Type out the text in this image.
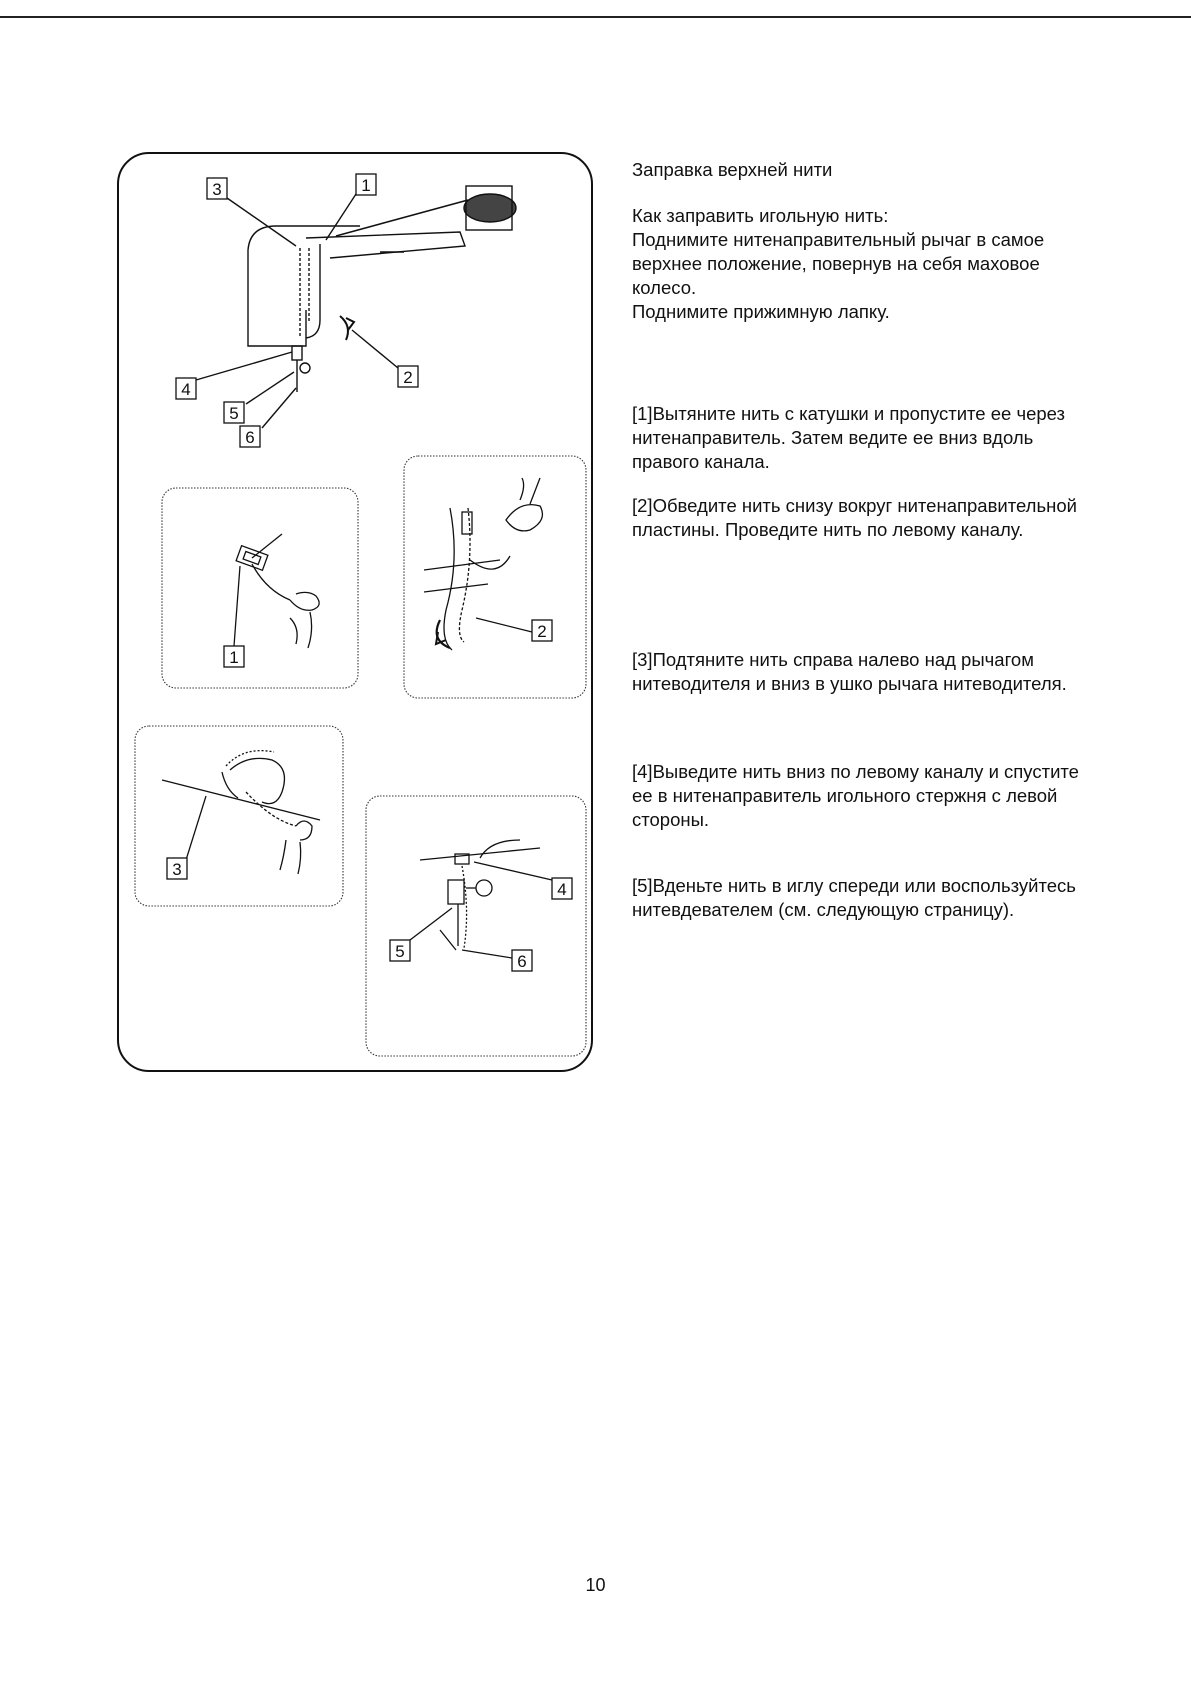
3	1
2
4
5
6
1
2
3
4
5
6

Заправка верхней нити

Как заправить игольную нить:

Поднимите нитенаправительный рычаг в самое верхнее положение, повернув на себя маховое колесо.

Поднимите прижимную лапку.

[1]Вытяните нить с катушки и пропустите ее через нитенаправитель. Затем ведите ее вниз вдоль правого канала.

[2]Обведите нить снизу вокруг нитенаправительной пластины. Проведите нить по левому каналу.

[3]Подтяните нить справа налево над рычагом нитеводителя и вниз в ушко рычага нитеводителя.

[4]Выведите нить вниз по левому каналу и спустите ее в нитенаправитель игольного стержня с левой стороны.

[5]Вденьте нить в иглу спереди или воспользуйтесь нитевдевателем (см. следующую страницу).

10
